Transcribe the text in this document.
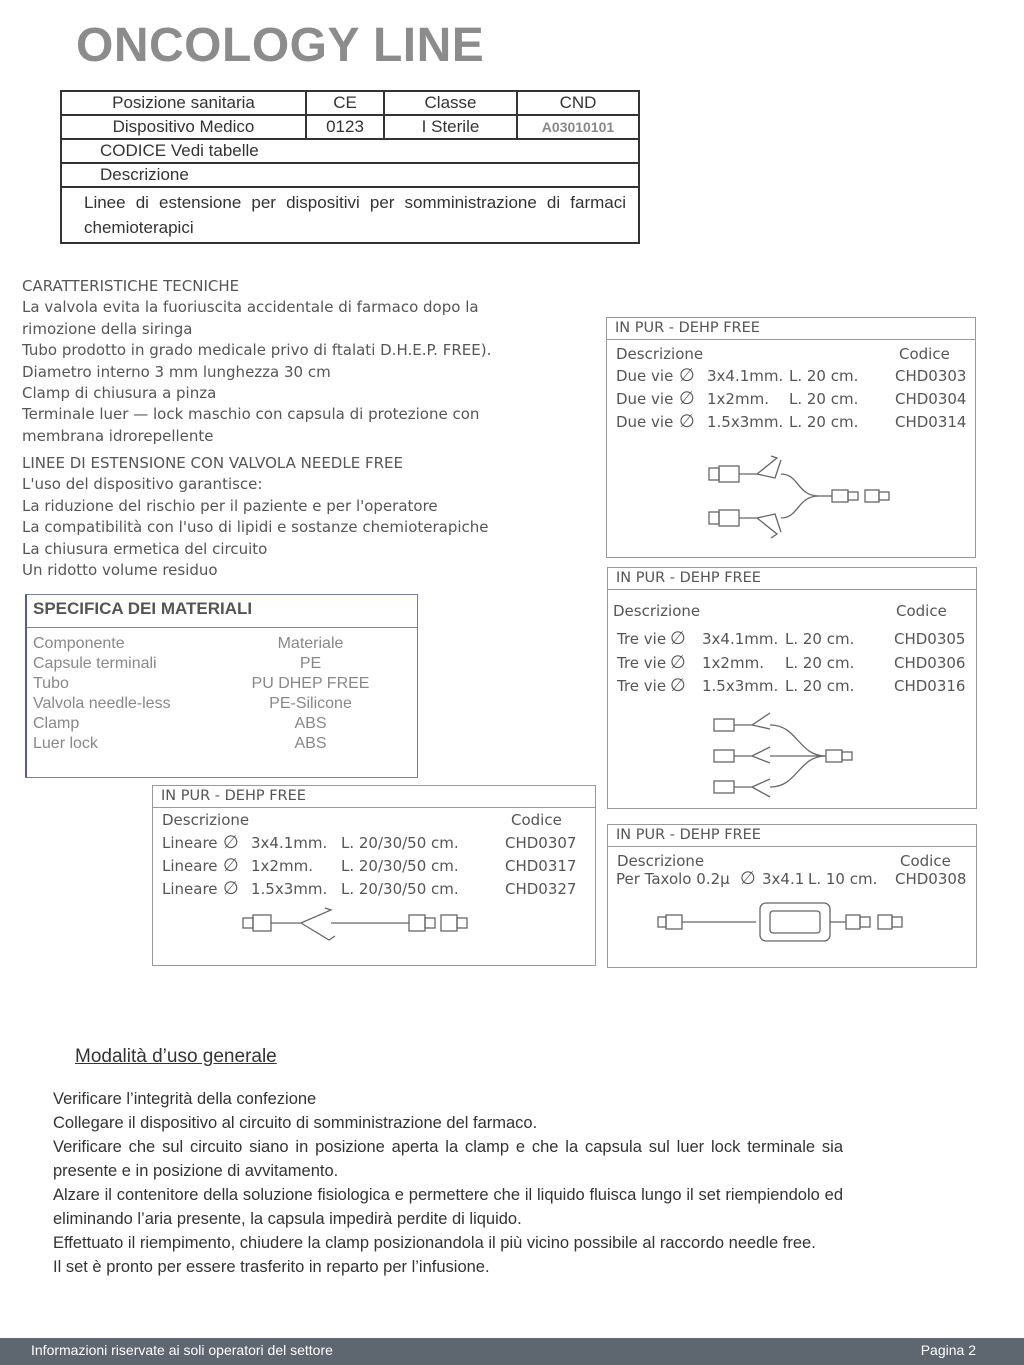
ONCOLOGY LINE
Posizione sanitaria	CE	Classe	CND
Dispositivo Medico	0123	I Sterile	A03010101
CODICE Vedi tabelle			
Descrizione			
Linee di estensione per dispositivi per somministrazione di farmaci chemioterapici			
CARATTERISTICHE TECNICHE
La valvola evita la fuoriuscita accidentale di farmaco dopo la
rimozione della siringa
Tubo prodotto in grado medicale privo di ftalati D.H.E.P. FREE).
Diametro interno 3 mm lunghezza 30 cm
Clamp di chiusura a pinza
Terminale luer — lock maschio con capsula di protezione con
membrana idrorepellente
LINEE DI ESTENSIONE CON VALVOLA NEEDLE FREE
L'uso del dispositivo garantisce:
La riduzione del rischio per il paziente e per l'operatore
La compatibilità con l'uso di lipidi e sostanze chemioterapiche
La chiusura ermetica del circuito
Un ridotto volume residuo
SPECIFICA DEI MATERIALI
Componente	Materiale
Capsule terminali	PE
Tubo	PU DHEP FREE
Valvola needle-less	PE-Silicone
Clamp	ABS
Luer lock	ABS
IN PUR - DEHP FREE
Descrizione	Codice
Due vie ∅ 3x4.1mm. L. 20 cm. CHD0303
Due vie ∅ 1x2mm. L. 20 cm. CHD0304
Due vie ∅ 1.5x3mm. L. 20 cm. CHD0314
IN PUR - DEHP FREE
Descrizione	Codice
Tre vie ∅ 3x4.1mm. L. 20 cm.	CHD0305
Tre vie ∅ 1x2mm. L. 20 cm.	CHD0306
Tre vie ∅ 1.5x3mm. L. 20 cm.	CHD0316
IN PUR - DEHP FREE
Descrizione	Codice
Lineare ∅ 3x4.1mm. L. 20/30/50 cm.	CHD0307
Lineare ∅ 1x2mm. L. 20/30/50 cm.	CHD0317
Lineare ∅ 1.5x3mm. L. 20/30/50 cm.	CHD0327
IN PUR - DEHP FREE
Descrizione	Codice
Per Taxolo 0.2µ ∅ 3x4.1 L. 10 cm. CHD0308
Modalità d’uso generale

Verificare l’integrità della confezione

Collegare il dispositivo al circuito di somministrazione del farmaco.

Verificare che sul circuito siano in posizione aperta la clamp e che la capsula sul luer lock terminale sia presente e in posizione di avvitamento.

Alzare il contenitore della soluzione fisiologica e permettere che il liquido fluisca lungo il set riempiendolo ed eliminando l’aria presente, la capsula impedirà perdite di liquido.

Effettuato il riempimento, chiudere la clamp posizionandola il più vicino possibile al raccordo needle free.

Il set è pronto per essere trasferito in reparto per l’infusione.

Informazioni riservate ai soli operatori del settore	Pagina 2
